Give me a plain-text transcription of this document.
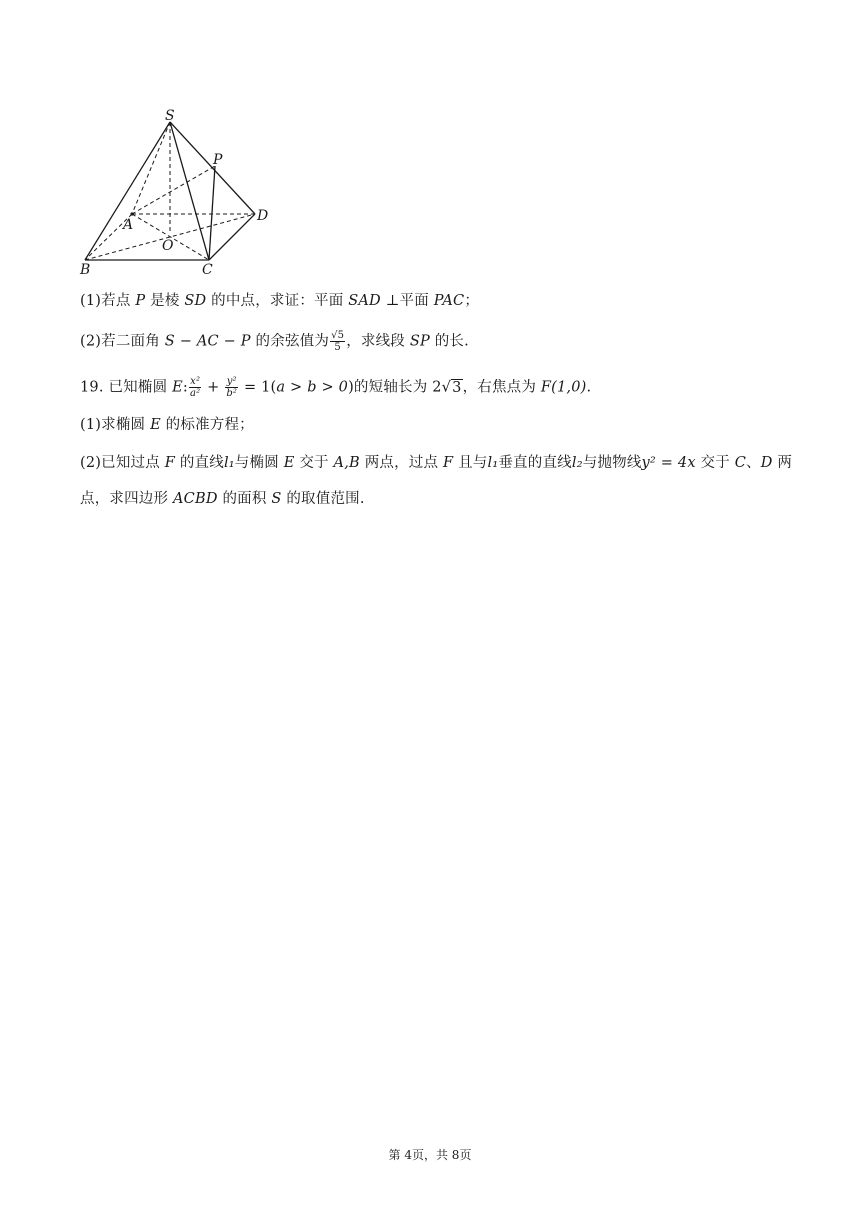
S
P
A
D
O
B	C
(1)若点 P 是棱 SD 的中点，求证：平面 SAD ⊥平面 PAC；
(2)若二面角 S − AC − P 的余弦值为 $\frac{√5}{5}$ ，求线段 SP 的长.
19. 已知椭圆 E: $\frac{\text{x²}}{\text{a²}} + \frac{\text{y²}}{\text{b²}} = 1(a > b > 0)$的短轴长为 2√3，右焦点为 F(1,0).
(1)求椭圆 E 的标准方程；
(2)已知过点 F 的直线l₁与椭圆 E 交于 A,B 两点，过点 F 且与l₁垂直的直线l₂与抛物线y² = 4x 交于 C、D 两
点，求四边形 ACBD 的面积 S 的取值范围.
第 4页，共 8页
